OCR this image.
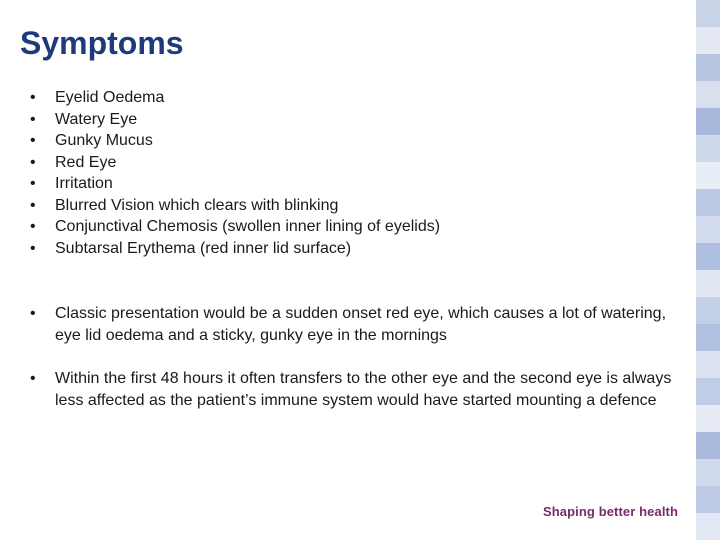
Symptoms
• Eyelid Oedema
• Watery Eye
• Gunky Mucus
• Red Eye
• Irritation
• Blurred Vision which clears with blinking
• Conjunctival Chemosis (swollen inner lining of eyelids)
• Subtarsal Erythema (red inner lid surface)
• Classic presentation would be a sudden onset red eye, which causes a lot of watering, eye lid oedema and a sticky, gunky eye in the mornings
• Within the first 48 hours it often transfers to the other eye and the second eye is always less affected as the patient’s immune system would have started mounting a defence
Shaping better health
